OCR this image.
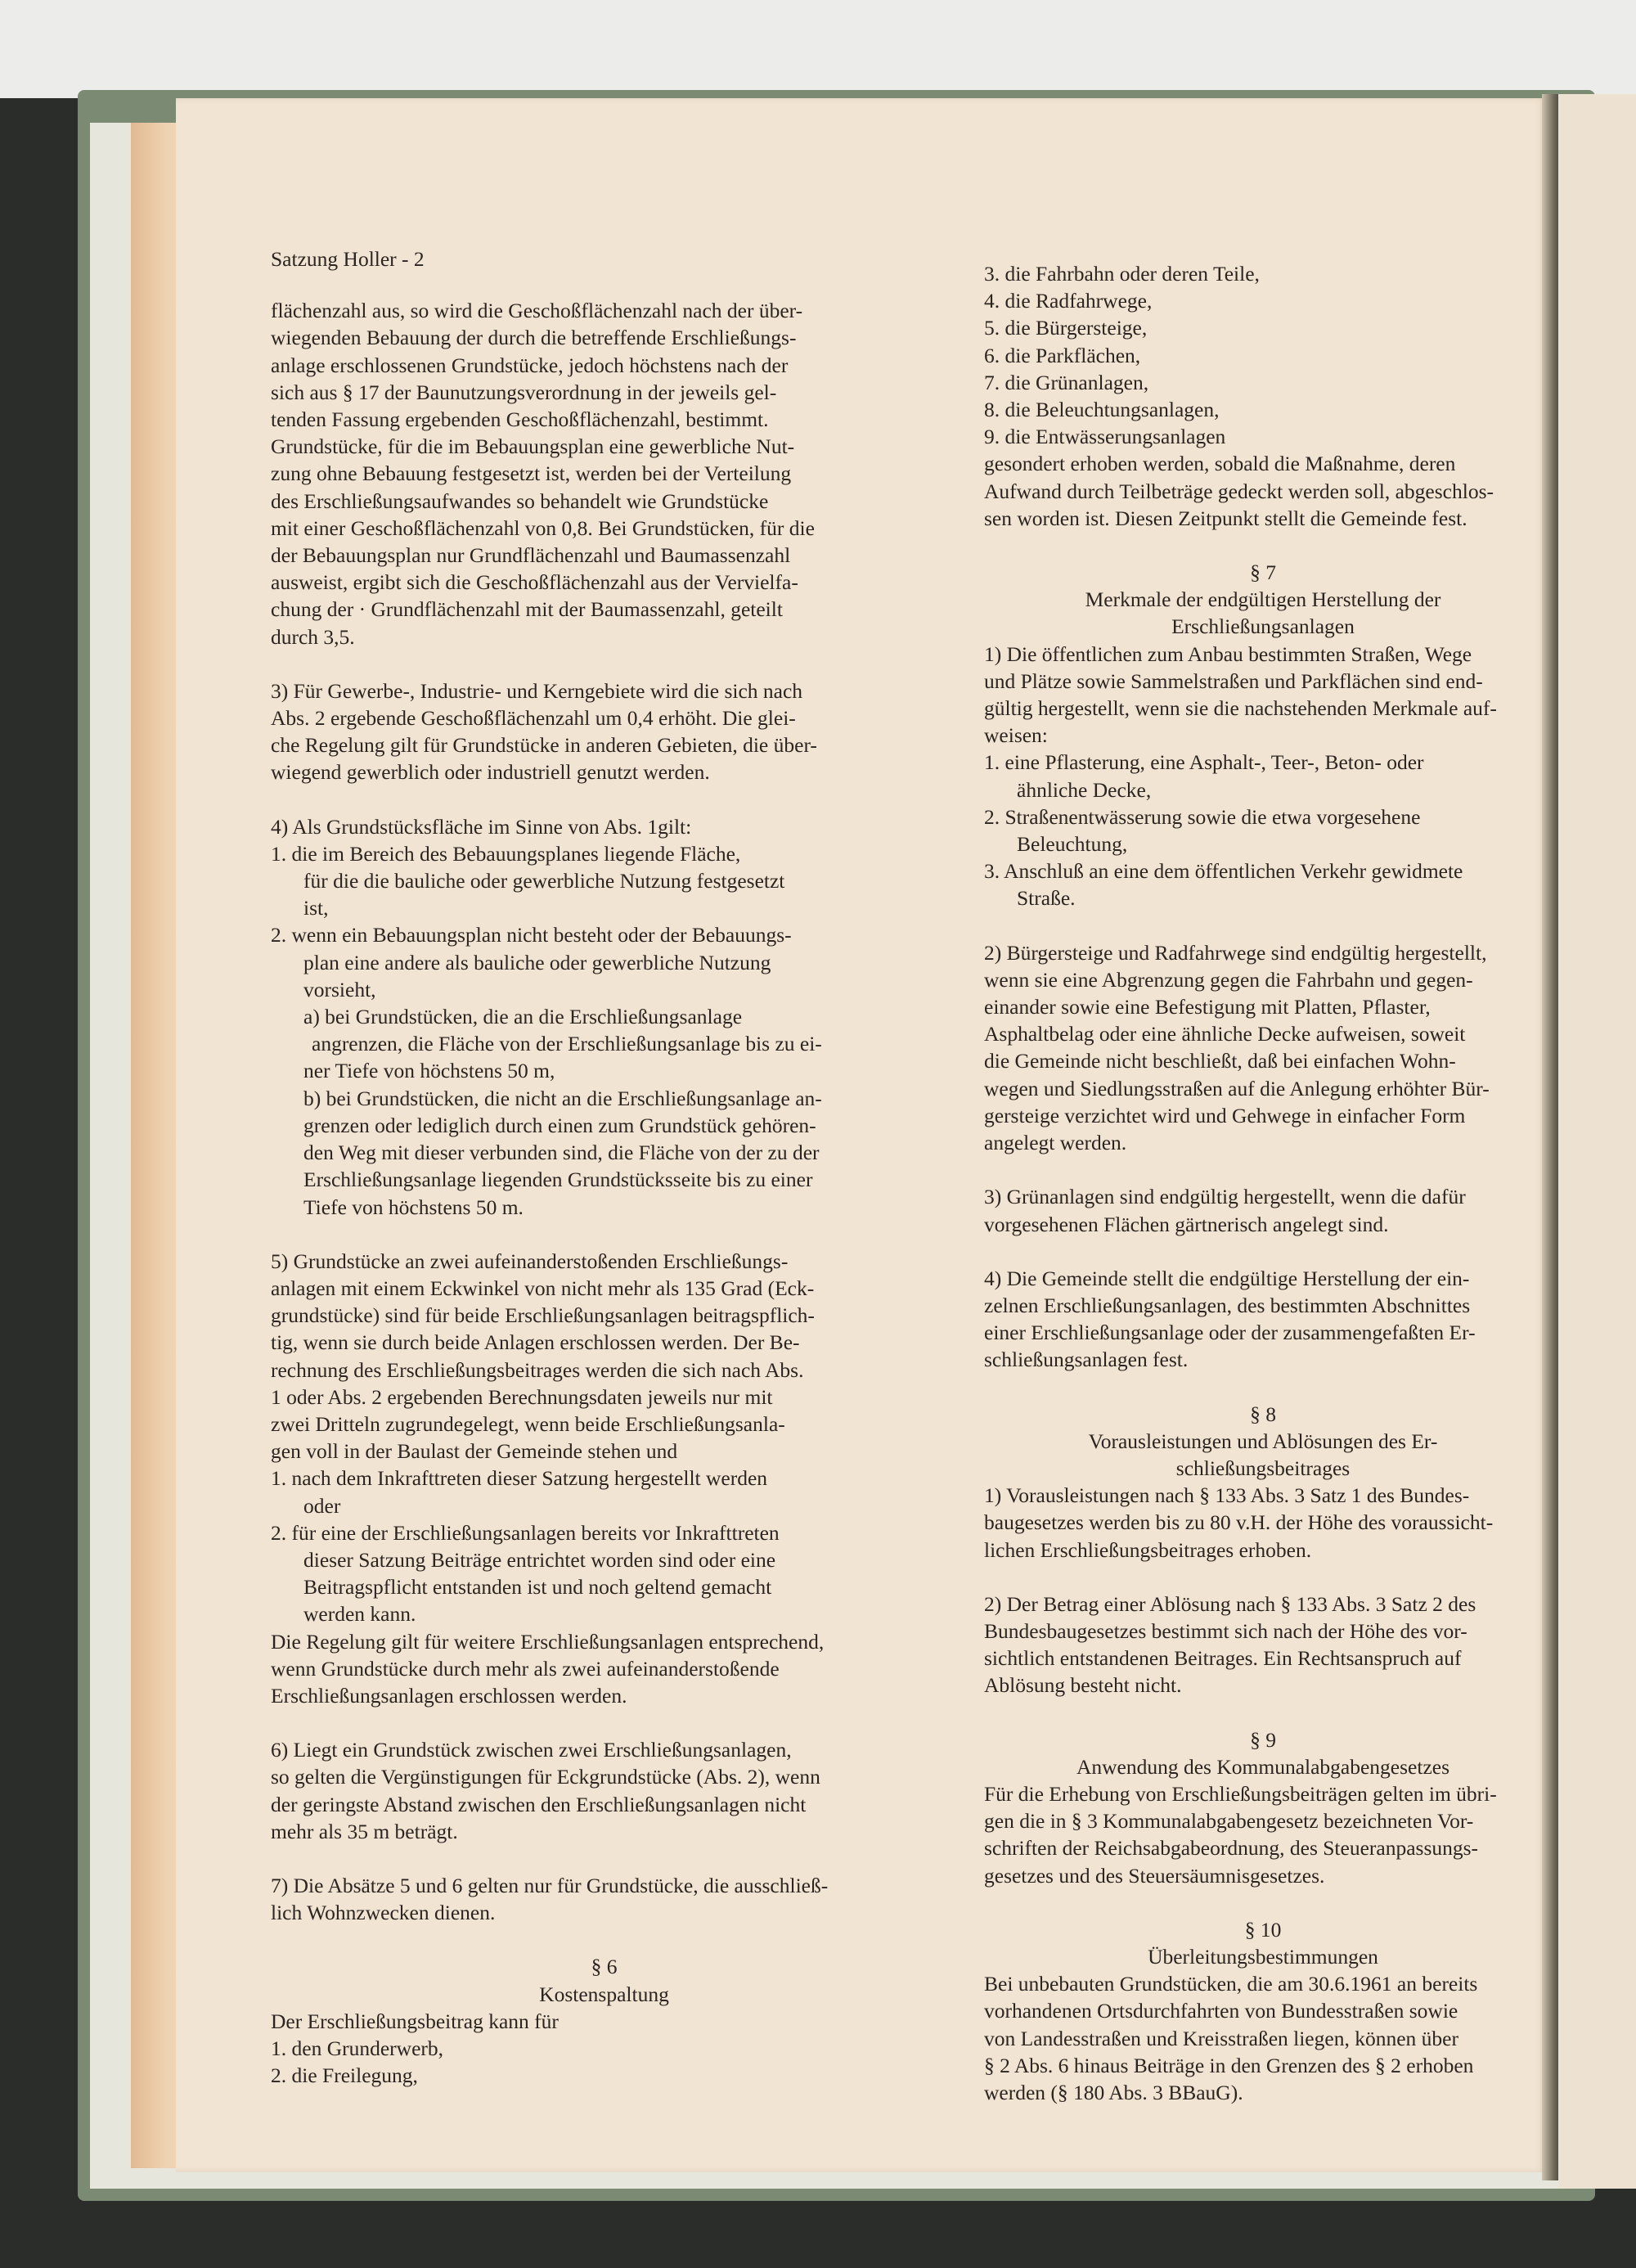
Satzung Holler - 2
flächenzahl aus, so wird die Geschoßflächenzahl nach der über-
wiegenden Bebauung der durch die betreffende Erschließungs-
anlage erschlossenen Grundstücke, jedoch höchstens nach der
sich aus § 17 der Baunutzungsverordnung in der jeweils gel-
tenden Fassung ergebenden Geschoßflächenzahl, bestimmt.
Grundstücke, für die im Bebauungsplan eine gewerbliche Nut-
zung ohne Bebauung festgesetzt ist, werden bei der Verteilung
des Erschließungsaufwandes so behandelt wie Grundstücke
mit einer Geschoßflächenzahl von 0,8. Bei Grundstücken, für die
der Bebauungsplan nur Grundflächenzahl und Baumassenzahl
ausweist, ergibt sich die Geschoßflächenzahl aus der Vervielfa-
chung der · Grundflächenzahl mit der Baumassenzahl, geteilt
durch 3,5.
3) Für Gewerbe-, Industrie- und Kerngebiete wird die sich nach
Abs. 2 ergebende Geschoßflächenzahl um 0,4 erhöht. Die glei-
che Regelung gilt für Grundstücke in anderen Gebieten, die über-
wiegend gewerblich oder industriell genutzt werden.
4) Als Grundstücksfläche im Sinne von Abs. 1gilt:
1. die im Bereich des Bebauungsplanes liegende Fläche,
für die die bauliche oder gewerbliche Nutzung festgesetzt
ist,
2. wenn ein Bebauungsplan nicht besteht oder der Bebauungs-
plan eine andere als bauliche oder gewerbliche Nutzung
vorsieht,
a) bei Grundstücken, die an die Erschließungsanlage
angrenzen, die Fläche von der Erschließungsanlage bis zu ei-
ner Tiefe von höchstens 50 m,
b) bei Grundstücken, die nicht an die Erschließungsanlage an-
grenzen oder lediglich durch einen zum Grundstück gehören-
den Weg mit dieser verbunden sind, die Fläche von der zu der
Erschließungsanlage liegenden Grundstücksseite bis zu einer
Tiefe von höchstens 50 m.
5) Grundstücke an zwei aufeinanderstoßenden Erschließungs-
anlagen mit einem Eckwinkel von nicht mehr als 135 Grad (Eck-
grundstücke) sind für beide Erschließungsanlagen beitragspflich-
tig, wenn sie durch beide Anlagen erschlossen werden. Der Be-
rechnung des Erschließungsbeitrages werden die sich nach Abs.
1 oder Abs. 2 ergebenden Berechnungsdaten jeweils nur mit
zwei Dritteln zugrundegelegt, wenn beide Erschließungsanla-
gen voll in der Baulast der Gemeinde stehen und
1. nach dem Inkrafttreten dieser Satzung hergestellt werden
oder
2. für eine der Erschließungsanlagen bereits vor Inkrafttreten
dieser Satzung Beiträge entrichtet worden sind oder eine
Beitragspflicht entstanden ist und noch geltend gemacht
werden kann.
Die Regelung gilt für weitere Erschließungsanlagen entsprechend,
wenn Grundstücke durch mehr als zwei aufeinanderstoßende
Erschließungsanlagen erschlossen werden.
6) Liegt ein Grundstück zwischen zwei Erschließungsanlagen,
so gelten die Vergünstigungen für Eckgrundstücke (Abs. 2), wenn
der geringste Abstand zwischen den Erschließungsanlagen nicht
mehr als 35 m beträgt.
7) Die Absätze 5 und 6 gelten nur für Grundstücke, die ausschließ-
lich Wohnzwecken dienen.
§ 6
Kostenspaltung
Der Erschließungsbeitrag kann für
1. den Grunderwerb,
2. die Freilegung,
3. die Fahrbahn oder deren Teile,
4. die Radfahrwege,
5. die Bürgersteige,
6. die Parkflächen,
7. die Grünanlagen,
8. die Beleuchtungsanlagen,
9. die Entwässerungsanlagen
gesondert erhoben werden, sobald die Maßnahme, deren
Aufwand durch Teilbeträge gedeckt werden soll, abgeschlos-
sen worden ist. Diesen Zeitpunkt stellt die Gemeinde fest.
§ 7
Merkmale der endgültigen Herstellung der
Erschließungsanlagen
1) Die öffentlichen zum Anbau bestimmten Straßen, Wege
und Plätze sowie Sammelstraßen und Parkflächen sind end-
gültig hergestellt, wenn sie die nachstehenden Merkmale auf-
weisen:
1. eine Pflasterung, eine Asphalt-, Teer-, Beton- oder
ähnliche Decke,
2. Straßenentwässerung sowie die etwa vorgesehene
Beleuchtung,
3. Anschluß an eine dem öffentlichen Verkehr gewidmete
Straße.
2) Bürgersteige und Radfahrwege sind endgültig hergestellt,
wenn sie eine Abgrenzung gegen die Fahrbahn und gegen-
einander sowie eine Befestigung mit Platten, Pflaster,
Asphaltbelag oder eine ähnliche Decke aufweisen, soweit
die Gemeinde nicht beschließt, daß bei einfachen Wohn-
wegen und Siedlungsstraßen auf die Anlegung erhöhter Bür-
gersteige verzichtet wird und Gehwege in einfacher Form
angelegt werden.
3) Grünanlagen sind endgültig hergestellt, wenn die dafür
vorgesehenen Flächen gärtnerisch angelegt sind.
4) Die Gemeinde stellt die endgültige Herstellung der ein-
zelnen Erschließungsanlagen, des bestimmten Abschnittes
einer Erschließungsanlage oder der zusammengefaßten Er-
schließungsanlagen fest.
§ 8
Vorausleistungen und Ablösungen des Er-
schließungsbeitrages
1) Vorausleistungen nach § 133 Abs. 3 Satz 1 des Bundes-
baugesetzes werden bis zu 80 v.H. der Höhe des voraussicht-
lichen Erschließungsbeitrages erhoben.
2) Der Betrag einer Ablösung nach § 133 Abs. 3 Satz 2 des
Bundesbaugesetzes bestimmt sich nach der Höhe des vor-
sichtlich entstandenen Beitrages. Ein Rechtsanspruch auf
Ablösung besteht nicht.
§ 9
Anwendung des Kommunalabgabengesetzes
Für die Erhebung von Erschließungsbeiträgen gelten im übri-
gen die in § 3 Kommunalabgabengesetz bezeichneten Vor-
schriften der Reichsabgabeordnung, des Steueranpassungs-
gesetzes und des Steuersäumnisgesetzes.
§ 10
Überleitungsbestimmungen
Bei unbebauten Grundstücken, die am 30.6.1961 an bereits
vorhandenen Ortsdurchfahrten von Bundesstraßen sowie
von Landesstraßen und Kreisstraßen liegen, können über
§ 2 Abs. 6 hinaus Beiträge in den Grenzen des § 2 erhoben
werden (§ 180 Abs. 3 BBauG).
